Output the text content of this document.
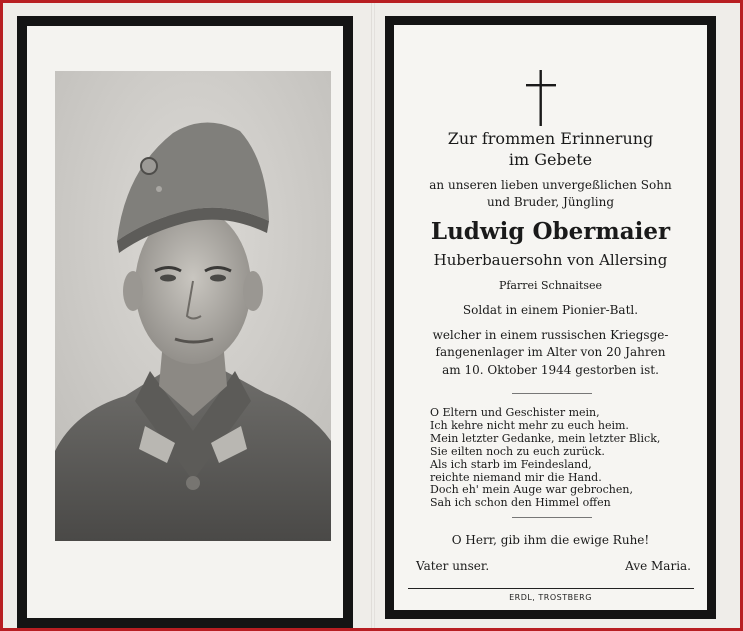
Zur frommen Erinnerung
im Gebete
an unseren lieben unvergeßlichen Sohn
und Bruder, Jüngling
Ludwig Obermaier
Huberbauersohn von Allersing
Pfarrei Schnaitsee
Soldat in einem Pionier-Batl.
welcher in einem russischen Kriegsge-
fangenenlager im Alter von 20 Jahren
am 10. Oktober 1944 gestorben ist.
O Eltern und Geschister mein,
Ich kehre nicht mehr zu euch heim.
Mein letzter Gedanke, mein letzter Blick,
Sie eilten noch zu euch zurück.
Als ich starb im Feindesland,
reichte niemand mir die Hand.
Doch eh' mein Auge war gebrochen,
Sah ich schon den Himmel offen
O Herr, gib ihm die ewige Ruhe!
Vater unser.	Ave Maria.
ERDL, TROSTBERG
